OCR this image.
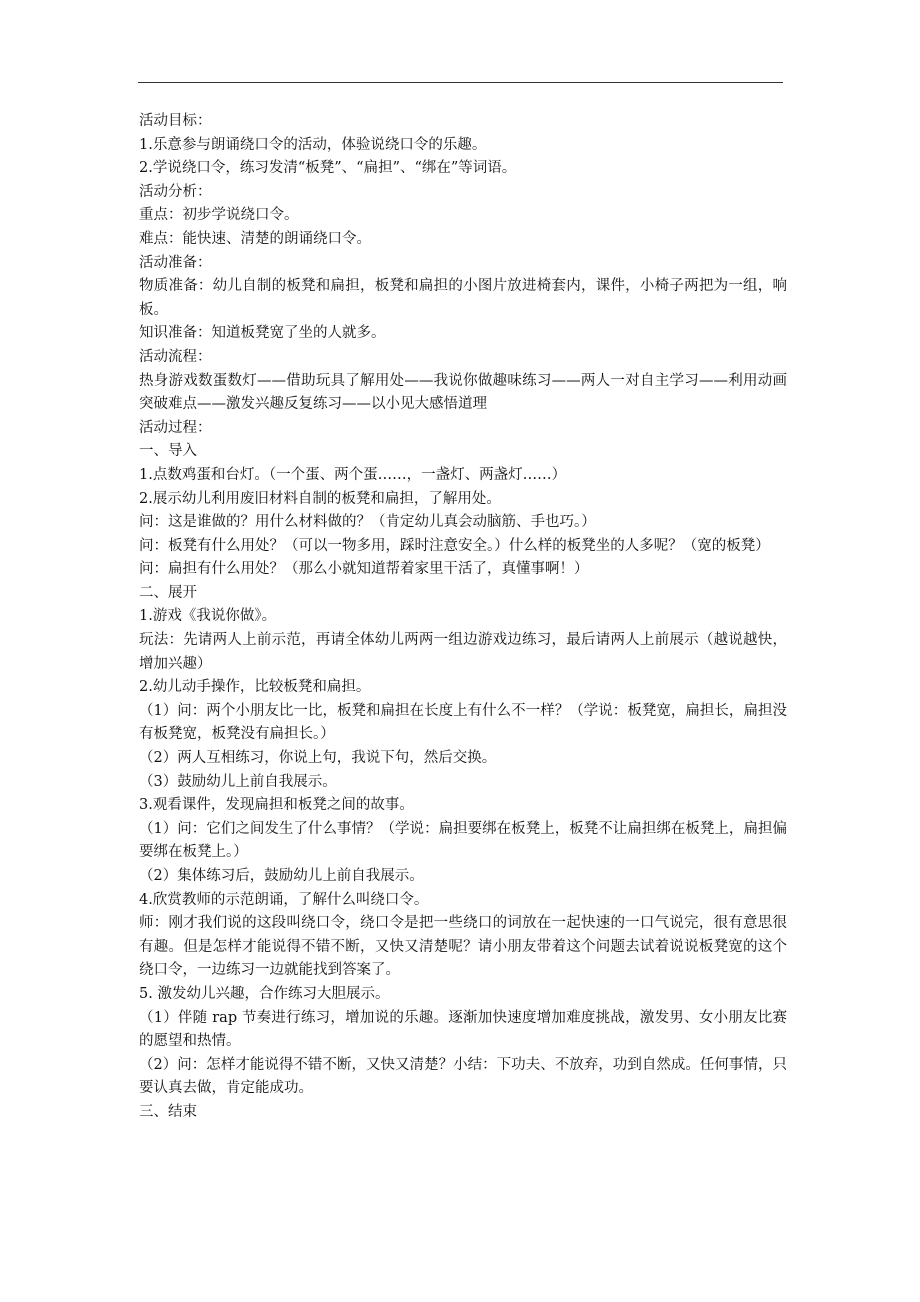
活动目标：

1.乐意参与朗诵绕口令的活动，体验说绕口令的乐趣。

2.学说绕口令，练习发清“板凳”、“扁担”、“绑在”等词语。

活动分析：

重点：初步学说绕口令。

难点：能快速、清楚的朗诵绕口令。

活动准备：

物质准备：幼儿自制的板凳和扁担，板凳和扁担的小图片放进椅套内，课件，小椅子两把为一组，响板。

知识准备：知道板凳宽了坐的人就多。

活动流程：

热身游戏数蛋数灯——借助玩具了解用处——我说你做趣味练习——两人一对自主学习——利用动画突破难点——激发兴趣反复练习——以小见大感悟道理

活动过程：

一、导入

1.点数鸡蛋和台灯。（一个蛋、两个蛋……，一盏灯、两盏灯……）

2.展示幼儿利用废旧材料自制的板凳和扁担，了解用处。

问：这是谁做的？用什么材料做的？（肯定幼儿真会动脑筋、手也巧。）

问：板凳有什么用处？（可以一物多用，踩时注意安全。）什么样的板凳坐的人多呢？（宽的板凳）

问：扁担有什么用处？（那么小就知道帮着家里干活了，真懂事啊！）

二、展开

1.游戏《我说你做》。

玩法：先请两人上前示范，再请全体幼儿两两一组边游戏边练习，最后请两人上前展示（越说越快，增加兴趣）

2.幼儿动手操作，比较板凳和扁担。

（1）问：两个小朋友比一比，板凳和扁担在长度上有什么不一样？（学说：板凳宽，扁担长，扁担没有板凳宽，板凳没有扁担长。）

（2）两人互相练习，你说上句，我说下句，然后交换。

（3）鼓励幼儿上前自我展示。

3.观看课件，发现扁担和板凳之间的故事。

（1）问：它们之间发生了什么事情？（学说：扁担要绑在板凳上，板凳不让扁担绑在板凳上，扁担偏要绑在板凳上。）

（2）集体练习后，鼓励幼儿上前自我展示。

4.欣赏教师的示范朗诵，了解什么叫绕口令。

师：刚才我们说的这段叫绕口令，绕口令是把一些绕口的词放在一起快速的一口气说完，很有意思很有趣。但是怎样才能说得不错不断，又快又清楚呢？请小朋友带着这个问题去试着说说板凳宽的这个绕口令，一边练习一边就能找到答案了。

5. 激发幼儿兴趣，合作练习大胆展示。

（1）伴随 rap 节奏进行练习，增加说的乐趣。逐渐加快速度增加难度挑战，激发男、女小朋友比赛的愿望和热情。

（2）问：怎样才能说得不错不断，又快又清楚？小结：下功夫、不放弃，功到自然成。任何事情，只要认真去做，肯定能成功。

三、结束
